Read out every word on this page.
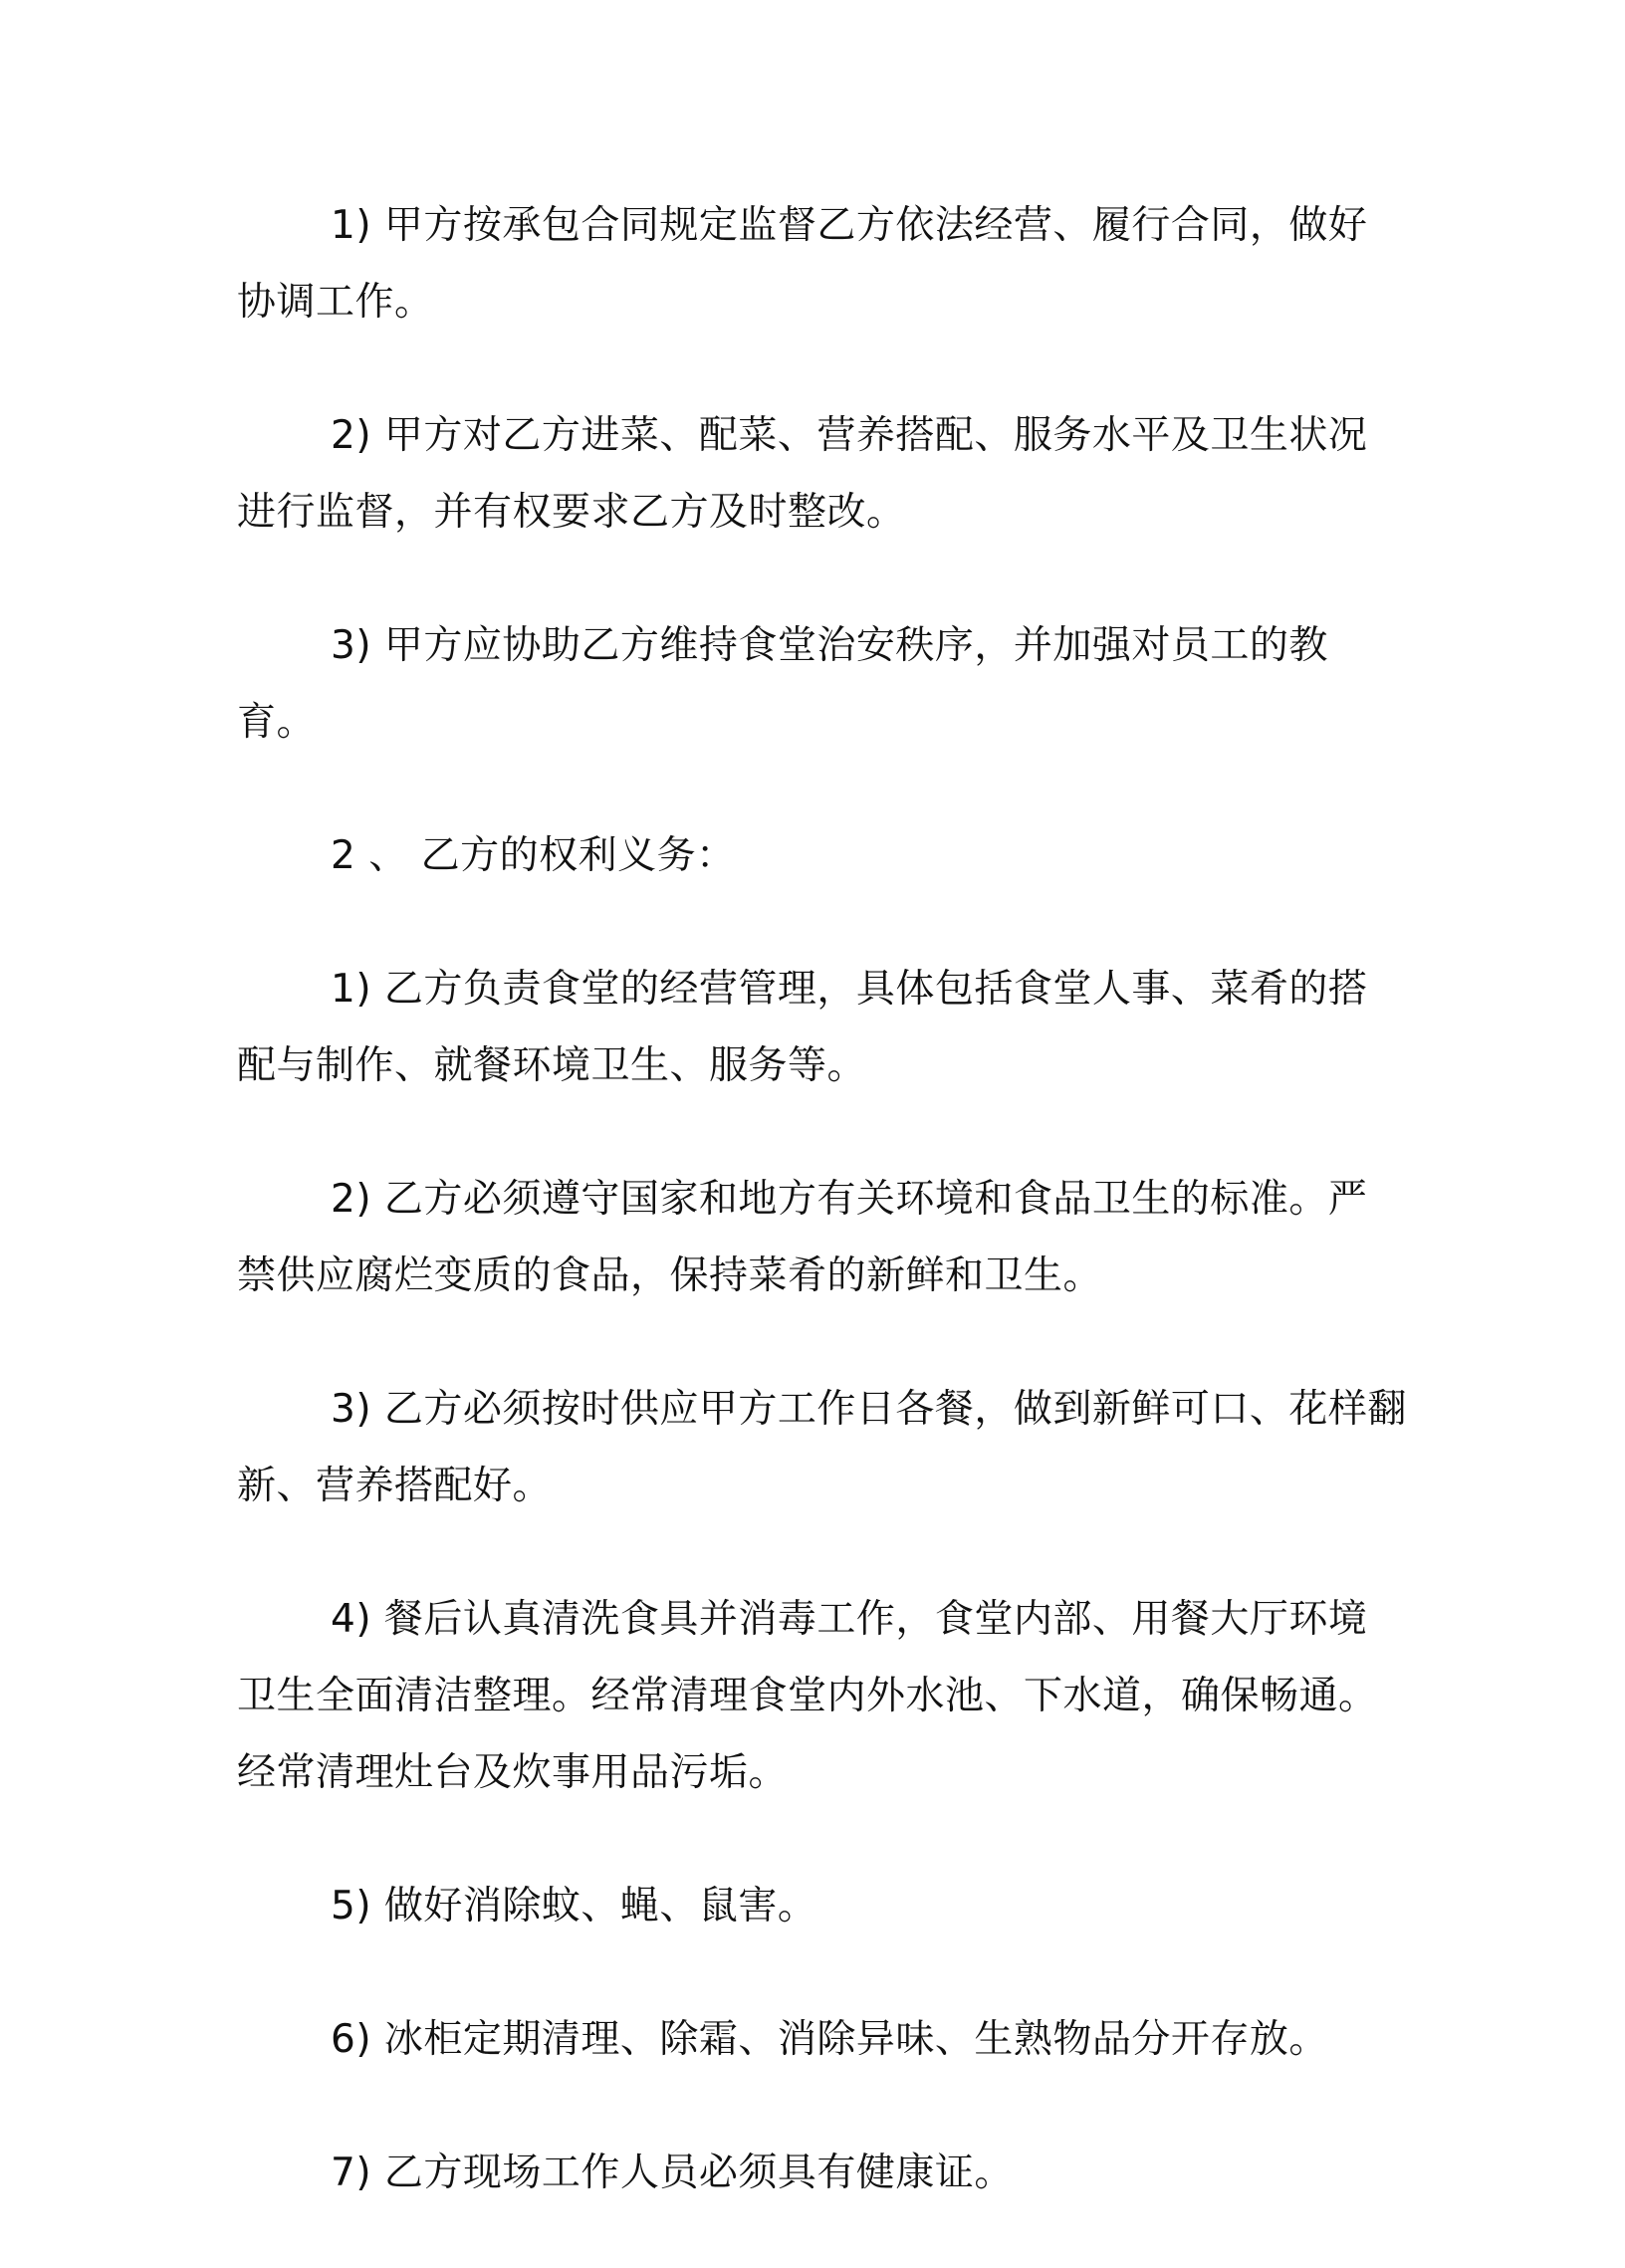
1) 甲方按承包合同规定监督乙方依法经营、履行合同，做好协调工作。

2) 甲方对乙方进菜、配菜、营养搭配、服务水平及卫生状况进行监督，并有权要求乙方及时整改。

3) 甲方应协助乙方维持食堂治安秩序，并加强对员工的教育。

2 、 乙方的权利义务：

1) 乙方负责食堂的经营管理，具体包括食堂人事、菜肴的搭配与制作、就餐环境卫生、服务等。

2) 乙方必须遵守国家和地方有关环境和食品卫生的标准。严禁供应腐烂变质的食品，保持菜肴的新鲜和卫生。

3) 乙方必须按时供应甲方工作日各餐，做到新鲜可口、花样翻新、营养搭配好。

4) 餐后认真清洗食具并消毒工作，食堂内部、用餐大厅环境卫生全面清洁整理。经常清理食堂内外水池、下水道，确保畅通。经常清理灶台及炊事用品污垢。

5) 做好消除蚊、蝇、鼠害。

6) 冰柜定期清理、除霜、消除异味、生熟物品分开存放。

7) 乙方现场工作人员必须具有健康证。
